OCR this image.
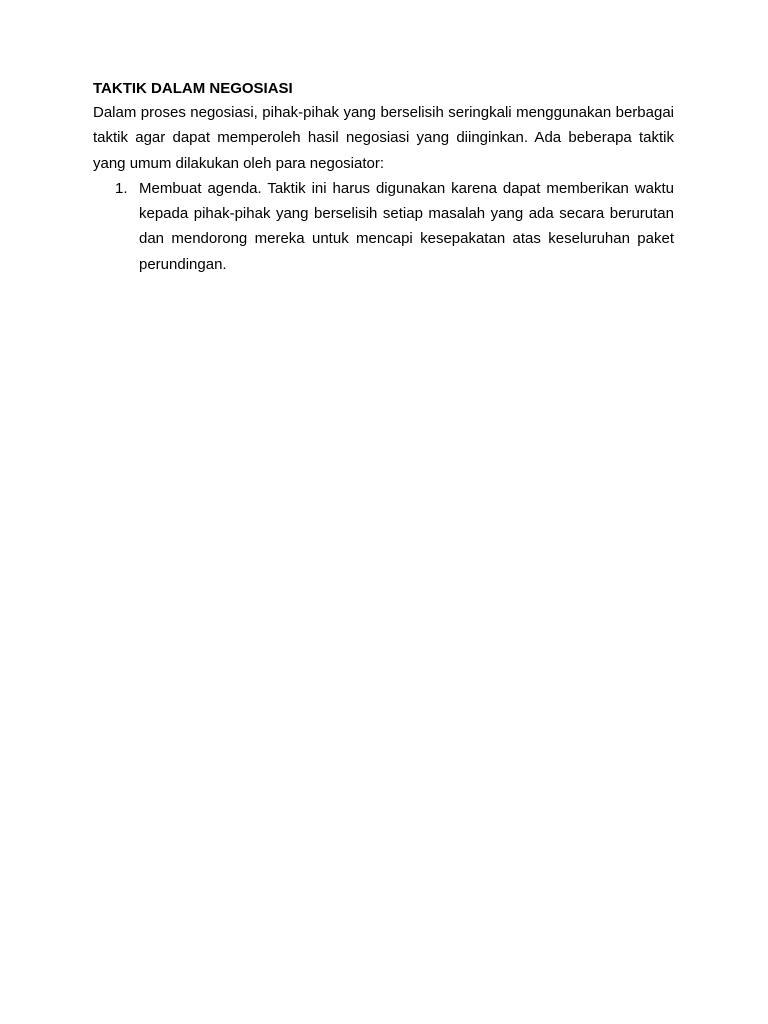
TAKTIK DALAM NEGOSIASI

Dalam proses negosiasi, pihak-pihak yang berselisih seringkali menggunakan berbagai taktik agar dapat memperoleh hasil negosiasi yang diinginkan. Ada beberapa taktik yang umum dilakukan oleh para negosiator:

1. Membuat agenda. Taktik ini harus digunakan karena dapat memberikan waktu kepada pihak-pihak yang berselisih setiap masalah yang ada secara berurutan dan mendorong mereka untuk mencapi kesepakatan atas keseluruhan paket perundingan.
